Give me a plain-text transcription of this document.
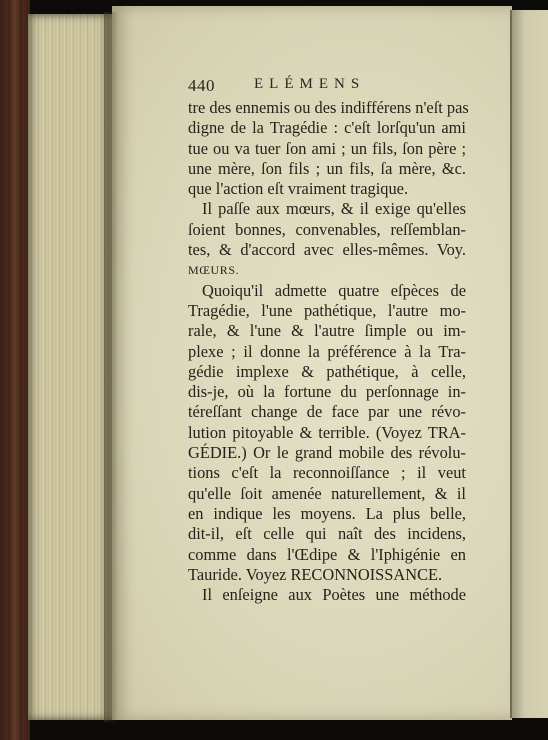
440	ELÉMENS
tre des ennemis ou des indifférens n'eſt pas
digne de la Tragédie : c'eſt lorſqu'un ami
tue ou va tuer ſon ami ; un fils, ſon père ;
une mère, ſon fils ; un fils, ſa mère, &c.
que l'action eſt vraiment tragique.
Il paſſe aux mœurs, & il exige qu'elles
ſoient bonnes, convenables, reſſemblan-
tes, & d'accord avec elles-mêmes. Voy.
MŒURS.
Quoiqu'il admette quatre eſpèces de
Tragédie, l'une pathétique, l'autre mo-
rale, & l'une & l'autre ſimple ou im-
plexe ; il donne la préférence à la Tra-
gédie implexe & pathétique, à celle,
dis-je, où la fortune du perſonnage in-
téreſſant change de face par une révo-
lution pitoyable & terrible. (Voyez TRA-
GÉDIE.) Or le grand mobile des révolu-
tions c'eſt la reconnoiſſance ; il veut
qu'elle ſoit amenée naturellement, & il
en indique les moyens. La plus belle,
dit-il, eſt celle qui naît des incidens,
comme dans l'Œdipe & l'Iphigénie en
Tauride. Voyez RECONNOISSANCE.
Il enſeigne aux Poètes une méthode
